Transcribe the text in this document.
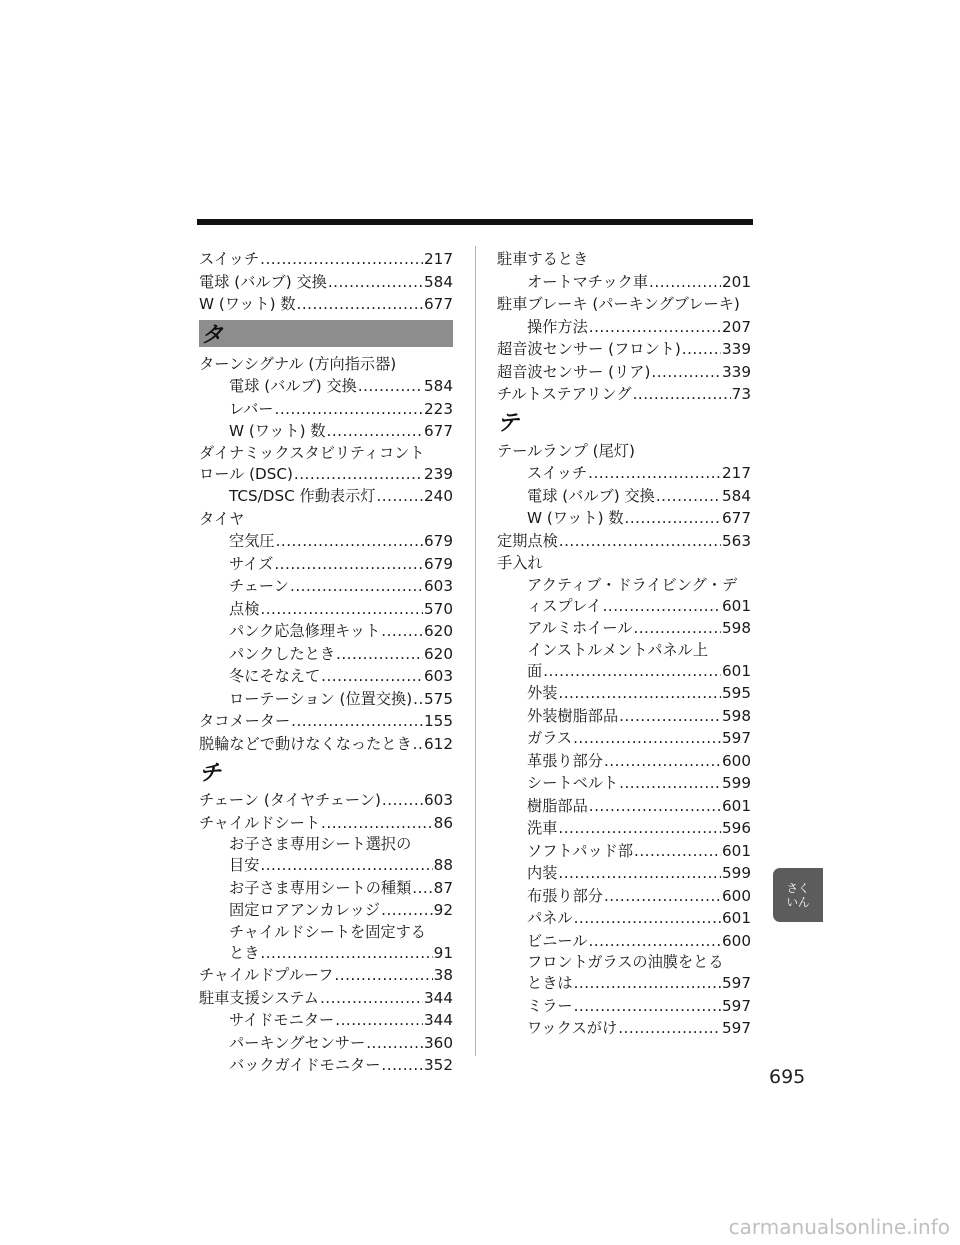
スイッチ .....	217
電球 (バルブ) 交換 .....	584
W (ワット) 数 .....	677
タ
ターンシグナル (方向指示器)
電球 (バルブ) 交換 .....	584
レバー .....	223
W (ワット) 数 .....	677
ダイナミックスタビリティコント
ロール (DSC) .....	239
TCS/DSC 作動表示灯 .....	240
タイヤ
空気圧 .....	679
サイズ .....	679
チェーン .....	603
点検 .....	570
パンク応急修理キット .....	620
パンクしたとき .....	620
冬にそなえて .....	603
ローテーション (位置交換) ..... 575
タコメーター .....	155
脱輪などで動けなくなったとき ..... 612
チ
チェーン (タイヤチェーン) .....	603
チャイルドシート .....	86
お子さま専用シート選択の
目安 .....	88
お子さま専用シートの種類 ..... 87
固定ロアアンカレッジ .....	92
チャイルドシートを固定する
とき .....	91
チャイルドプルーフ .....	38
駐車支援システム .....	344
サイドモニター .....	344
パーキングセンサー .....	360
バックガイドモニター .....	352
駐車するとき
オートマチック車 .....	201
駐車ブレーキ (パーキングブレーキ)
操作方法 .....	207
超音波センサー (フロント) .....	339
超音波センサー (リア) .....	339
チルトステアリング .....	73
テ
テールランプ (尾灯)
スイッチ .....	217
電球 (バルブ) 交換 .....	584
W (ワット) 数 .....	677
定期点検 .....	563
手入れ
アクティブ・ドライビング・デ
ィスプレイ .....	601
アルミホイール .....	598
インストルメントパネル上
面 .....	601
外装 .....	595
外装樹脂部品 .....	598
ガラス .....	597
革張り部分 .....	600
シートベルト .....	599
樹脂部品 .....	601
洗車 .....	596
ソフトパッド部 .....	601
内装 .....	599
布張り部分 .....	600
パネル .....	601
ビニール .....	600
フロントガラスの油膜をとる
ときは .....	597
ミラー .....	597
ワックスがけ .....	597
さく
いん
695
carmanualsonline.info
